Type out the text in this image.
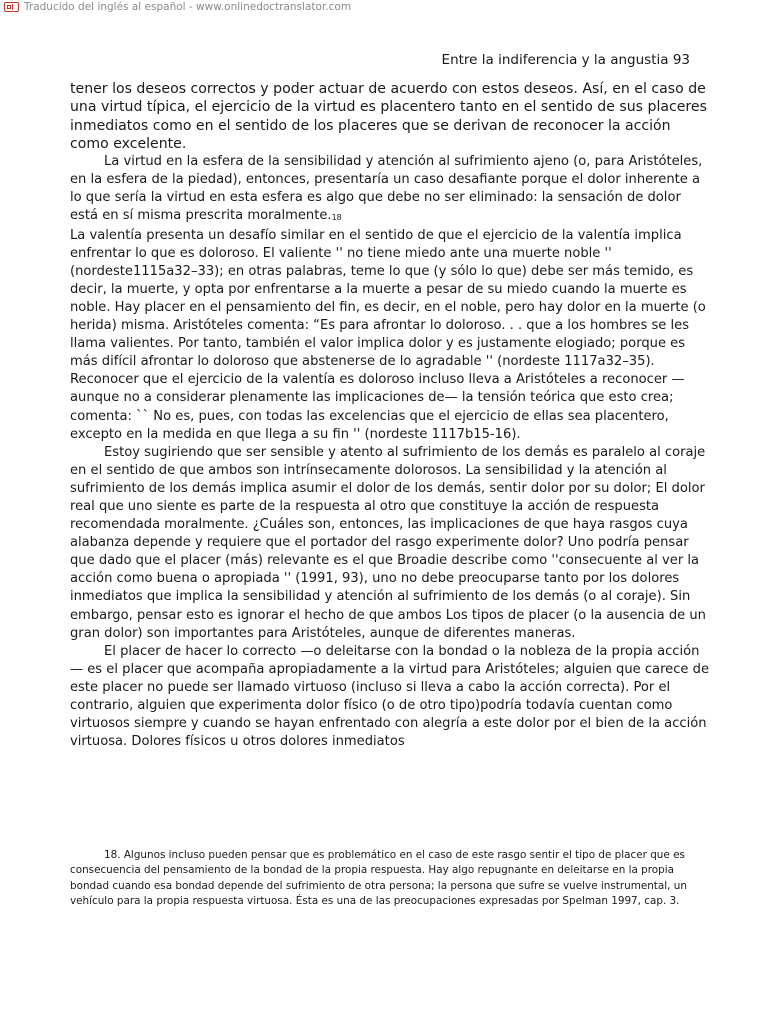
Traducido del inglés al español - www.onlinedoctranslator.com
Entre la indiferencia y la angustia 93

tener los deseos correctos y poder actuar de acuerdo con estos deseos. Así, en el caso de una virtud típica, el ejercicio de la virtud es placentero tanto en el sentido de sus placeres inmediatos como en el sentido de los placeres que se derivan de reconocer la acción como excelente.

La virtud en la esfera de la sensibilidad y atención al sufrimiento ajeno (o, para Aristóteles, en la esfera de la piedad), entonces, presentaría un caso desafiante porque el dolor inherente a lo que sería la virtud en esta esfera es algo que debe no ser eliminado: la sensación de dolor está en sí misma prescrita moralmente.$^{18}$

La valentía presenta un desafío similar en el sentido de que el ejercicio de la valentía implica enfrentar lo que es doloroso. El valiente '' no tiene miedo ante una muerte noble '' (nordeste1115a32–33); en otras palabras, teme lo que (y sólo lo que) debe ser más temido, es decir, la muerte, y opta por enfrentarse a la muerte a pesar de su miedo cuando la muerte es noble. Hay placer en el pensamiento del fin, es decir, en el noble, pero hay dolor en la muerte (o herida) misma. Aristóteles comenta: “Es para afrontar lo doloroso. . . que a los hombres se les llama valientes. Por tanto, también el valor implica dolor y es justamente elogiado; porque es más difícil afrontar lo doloroso que abstenerse de lo agradable '' (nordeste 1117a32–35). Reconocer que el ejercicio de la valentía es doloroso incluso lleva a Aristóteles a reconocer —aunque no a considerar plenamente las implicaciones de— la tensión teórica que esto crea; comenta: `` No es, pues, con todas las excelencias que el ejercicio de ellas sea placentero, excepto en la medida en que llega a su fin '' (nordeste 1117b15-16).

Estoy sugiriendo que ser sensible y atento al sufrimiento de los demás es paralelo al coraje en el sentido de que ambos son intrínsecamente dolorosos. La sensibilidad y la atención al sufrimiento de los demás implica asumir el dolor de los demás, sentir dolor por su dolor; El dolor real que uno siente es parte de la respuesta al otro que constituye la acción de respuesta recomendada moralmente. ¿Cuáles son, entonces, las implicaciones de que haya rasgos cuya alabanza depende y requiere que el portador del rasgo experimente dolor? Uno podría pensar que dado que el placer (más) relevante es el que Broadie describe como ''consecuente al ver la acción como buena o apropiada '' (1991, 93), uno no debe preocuparse tanto por los dolores inmediatos que implica la sensibilidad y atención al sufrimiento de los demás (o al coraje). Sin embargo, pensar esto es ignorar el hecho de que ambos Los tipos de placer (o la ausencia de un gran dolor) son importantes para Aristóteles, aunque de diferentes maneras.

El placer de hacer lo correcto —o deleitarse con la bondad o la nobleza de la propia acción— es el placer que acompaña apropiadamente a la virtud para Aristóteles; alguien que carece de este placer no puede ser llamado virtuoso (incluso si lleva a cabo la acción correcta). Por el contrario, alguien que experimenta dolor físico (o de otro tipo)podría todavía cuentan como virtuosos siempre y cuando se hayan enfrentado con alegría a este dolor por el bien de la acción virtuosa. Dolores físicos u otros dolores inmediatos

18. Algunos incluso pueden pensar que es problemático en el caso de este rasgo sentir el tipo de placer que es consecuencia del pensamiento de la bondad de la propia respuesta. Hay algo repugnante en deleitarse en la propia bondad cuando esa bondad depende del sufrimiento de otra persona; la persona que sufre se vuelve instrumental, un vehículo para la propia respuesta virtuosa. Ésta es una de las preocupaciones expresadas por Spelman 1997, cap. 3.
